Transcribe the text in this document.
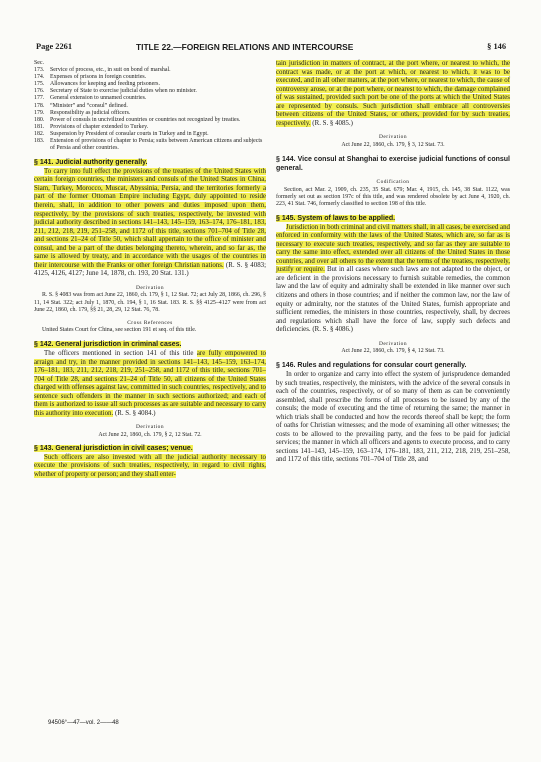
Page 2261	TITLE 22.—FOREIGN RELATIONS AND INTERCOURSE	§ 146
Sec.
173. Service of process, etc., in suit on bond of marshal.
174. Expenses of prisons in foreign countries.
175. Allowances for keeping and feeding prisoners.
176. Secretary of State to exercise judicial duties when no minister.
177. General extension to unnamed countries.
178. “Minister” and “consul” defined.
179. Responsibility as judicial officers.
180. Power of consuls in uncivilized countries or countries not recognized by treaties.
181. Provisions of chapter extended to Turkey.
182. Suspension by President of consular courts in Turkey and in Egypt.
183. Extension of provisions of chapter to Persia; suits between American citizens and subjects of Persia and other countries.

§ 141. Judicial authority generally.

To carry into full effect the provisions of the treaties of the United States with certain foreign countries, the ministers and consuls of the United States in China, Siam, Turkey, Morocco, Muscat, Abyssinia, Persia, and the territories formerly a part of the former Ottoman Empire including Egypt, duly appointed to reside therein, shall, in addition to other powers and duties imposed upon them, respectively, by the provisions of such treaties, respectively, be invested with judicial authority described in sections 141–143, 145–159, 163–174, 176–181, 183, 211, 212, 218, 219, 251–258, and 1172 of this title, sections 701–704 of Title 28, and sections 21–24 of Title 50, which shall appertain to the office of minister and consul, and be a part of the duties belonging thereto, wherein, and so far as, the same is allowed by treaty, and in accordance with the usages of the countries in their intercourse with the Franks or other foreign Christian nations. (R. S. § 4083; 4125, 4126, 4127; June 14, 1878, ch. 193, 20 Stat. 131.)

Derivation

R. S. § 4083 was from act June 22, 1860, ch. 179, § 1, 12 Stat. 72; act July 28, 1866, ch. 296, § 11, 14 Stat. 322; act July 1, 1870, ch. 194, § 1, 16 Stat. 183. R. S. §§ 4125–4127 were from act June 22, 1860, ch. 179, §§ 21, 28, 29, 12 Stat. 76, 78.

Cross References

United States Court for China, see section 191 et seq. of this title.

§ 142. General jurisdiction in criminal cases.

The officers mentioned in section 141 of this title are fully empowered to arraign and try, in the manner provided in sections 141–143, 145–159, 163–174, 176–181, 183, 211, 212, 218, 219, 251–258, and 1172 of this title, sections 701–704 of Title 28, and sections 21–24 of Title 50, all citizens of the United States charged with offenses against law, committed in such countries, respectively, and to sentence such offenders in the manner in such sections authorized; and each of them is authorized to issue all such processes as are suitable and necessary to carry this authority into execution. (R. S. § 4084.)

Derivation

Act June 22, 1860, ch. 179, § 2, 12 Stat. 72.

§ 143. General jurisdiction in civil cases; venue.

Such officers are also invested with all the judicial authority necessary to execute the provisions of such treaties, respectively, in regard to civil rights, whether of property or person; and they shall enter-

tain jurisdiction in matters of contract, at the port where, or nearest to which, the contract was made, or at the port at which, or nearest to which, it was to be executed, and in all other matters, at the port where, or nearest to which, the cause of controversy arose, or at the port where, or nearest to which, the damage complained of was sustained, provided such port be one of the ports at which the United States are represented by consuls. Such jurisdiction shall embrace all controversies between citizens of the United States, or others, provided for by such treaties, respectively. (R. S. § 4085.)

Derivation

Act June 22, 1860, ch. 179, § 3, 12 Stat. 73.

§ 144. Vice consul at Shanghai to exercise judicial functions of consul general.

Codification

Section, act Mar. 2, 1909, ch. 235, 35 Stat. 679; Mar. 4, 1915, ch. 145, 38 Stat. 1122, was formerly set out as section 197c of this title, and was rendered obsolete by act June 4, 1920, ch. 223, 41 Stat. 746, formerly classified to section 198 of this title.

§ 145. System of laws to be applied.

Jurisdiction in both criminal and civil matters shall, in all cases, be exercised and enforced in conformity with the laws of the United States, which are, so far as is necessary to execute such treaties, respectively, and so far as they are suitable to carry the same into effect, extended over all citizens of the United States in those countries, and over all others to the extent that the terms of the treaties, respectively, justify or require. But in all cases where such laws are not adapted to the object, or are deficient in the provisions necessary to furnish suitable remedies, the common law and the law of equity and admiralty shall be extended in like manner over such citizens and others in those countries; and if neither the common law, nor the law of equity or admiralty, nor the statutes of the United States, furnish appropriate and sufficient remedies, the ministers in those countries, respectively, shall, by decrees and regulations which shall have the force of law, supply such defects and deficiencies. (R. S. § 4086.)

Derivation

Act June 22, 1860, ch. 179, § 4, 12 Stat. 73.

§ 146. Rules and regulations for consular court generally.

In order to organize and carry into effect the system of jurisprudence demanded by such treaties, respectively, the ministers, with the advice of the several consuls in each of the countries, respectively, or of so many of them as can be conveniently assembled, shall prescribe the forms of all processes to be issued by any of the consuls; the mode of executing and the time of returning the same; the manner in which trials shall be conducted and how the records thereof shall be kept; the form of oaths for Christian witnesses; and the mode of examining all other witnesses; the costs to be allowed to the prevailing party, and the fees to be paid for judicial services; the manner in which all officers and agents to execute process, and to carry sections 141–143, 145–159, 163–174, 176–181, 183, 211, 212, 218, 219, 251–258, and 1172 of this title, sections 701–704 of Title 28, and

94506°—47—vol. 2——48
